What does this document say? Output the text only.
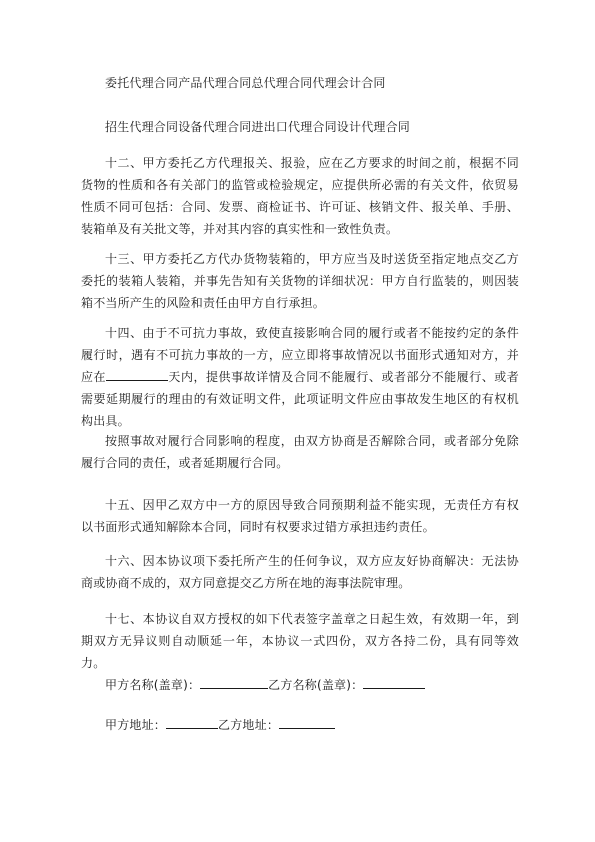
委托代理合同产品代理合同总代理合同代理会计合同

招生代理合同设备代理合同进出口代理合同设计代理合同

十二、甲方委托乙方代理报关、报验，应在乙方要求的时间之前，根据不同货物的性质和各有关部门的监管或检验规定，应提供所必需的有关文件，依贸易性质不同可包括：合同、发票、商检证书、许可证、核销文件、报关单、手册、装箱单及有关批文等，并对其内容的真实性和一致性负责。

十三、甲方委托乙方代办货物装箱的，甲方应当及时送货至指定地点交乙方委托的装箱人装箱，并事先告知有关货物的详细状况：甲方自行监装的，则因装箱不当所产生的风险和责任由甲方自行承担。

十四、由于不可抗力事故，致使直接影响合同的履行或者不能按约定的条件履行时，遇有不可抗力事故的一方，应立即将事故情况以书面形式通知对方，并应在	天内，提供事故详情及合同不能履行、或者部分不能履行、或者需要延期履行的理由的有效证明文件，此项证明文件应由事故发生地区的有权机构出具。

按照事故对履行合同影响的程度，由双方协商是否解除合同，或者部分免除履行合同的责任，或者延期履行合同。

十五、因甲乙双方中一方的原因导致合同预期利益不能实现，无责任方有权以书面形式通知解除本合同，同时有权要求过错方承担违约责任。

十六、因本协议项下委托所产生的任何争议，双方应友好协商解决：无法协商或协商不成的，双方同意提交乙方所在地的海事法院审理。

十七、本协议自双方授权的如下代表签字盖章之日起生效，有效期一年，到期双方无异议则自动顺延一年，本协议一式四份，双方各持二份，具有同等效力。

甲方名称(盖章)：	乙方名称(盖章)：

甲方地址：	乙方地址：
